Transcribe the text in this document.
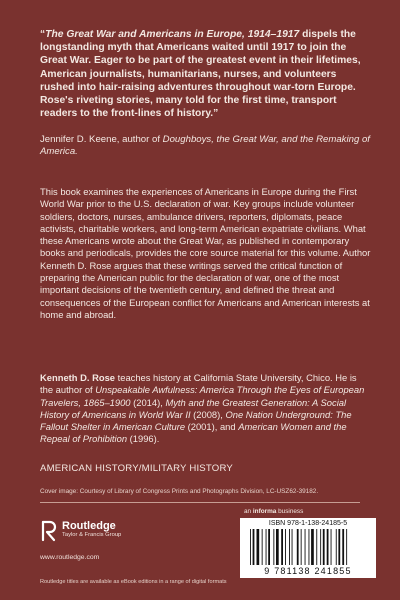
“The Great War and Americans in Europe, 1914–1917 dispels the longstanding myth that Americans waited until 1917 to join the Great War. Eager to be part of the greatest event in their lifetimes, American journalists, humanitarians, nurses, and volunteers rushed into hair-raising adventures throughout war-torn Europe. Rose's riveting stories, many told for the first time, transport readers to the front-lines of history.”
Jennifer D. Keene, author of Doughboys, the Great War, and the Remaking of America.
This book examines the experiences of Americans in Europe during the First World War prior to the U.S. declaration of war. Key groups include volunteer soldiers, doctors, nurses, ambulance drivers, reporters, diplomats, peace activists, charitable workers, and long-term American expatriate civilians. What these Americans wrote about the Great War, as published in contemporary books and periodicals, provides the core source material for this volume. Author Kenneth D. Rose argues that these writings served the critical function of preparing the American public for the declaration of war, one of the most important decisions of the twentieth century, and defined the threat and consequences of the European conflict for Americans and American interests at home and abroad.
Kenneth D. Rose teaches history at California State University, Chico. He is the author of Unspeakable Awfulness: America Through the Eyes of European Travelers, 1865–1900 (2014), Myth and the Greatest Generation: A Social History of Americans in World War II (2008), One Nation Underground: The Fallout Shelter in American Culture (2001), and American Women and the Repeal of Prohibition (1996).
AMERICAN HISTORY/MILITARY HISTORY
Cover image: Courtesy of Library of Congress Prints and Photographs Division, LC-USZ62-39182.
Routledge
Taylor & Francis Group
www.routledge.com
Routledge titles are available as eBook editions in a range of digital formats
an informa business
ISBN 978-1-138-24185-5
9 781138 241855
